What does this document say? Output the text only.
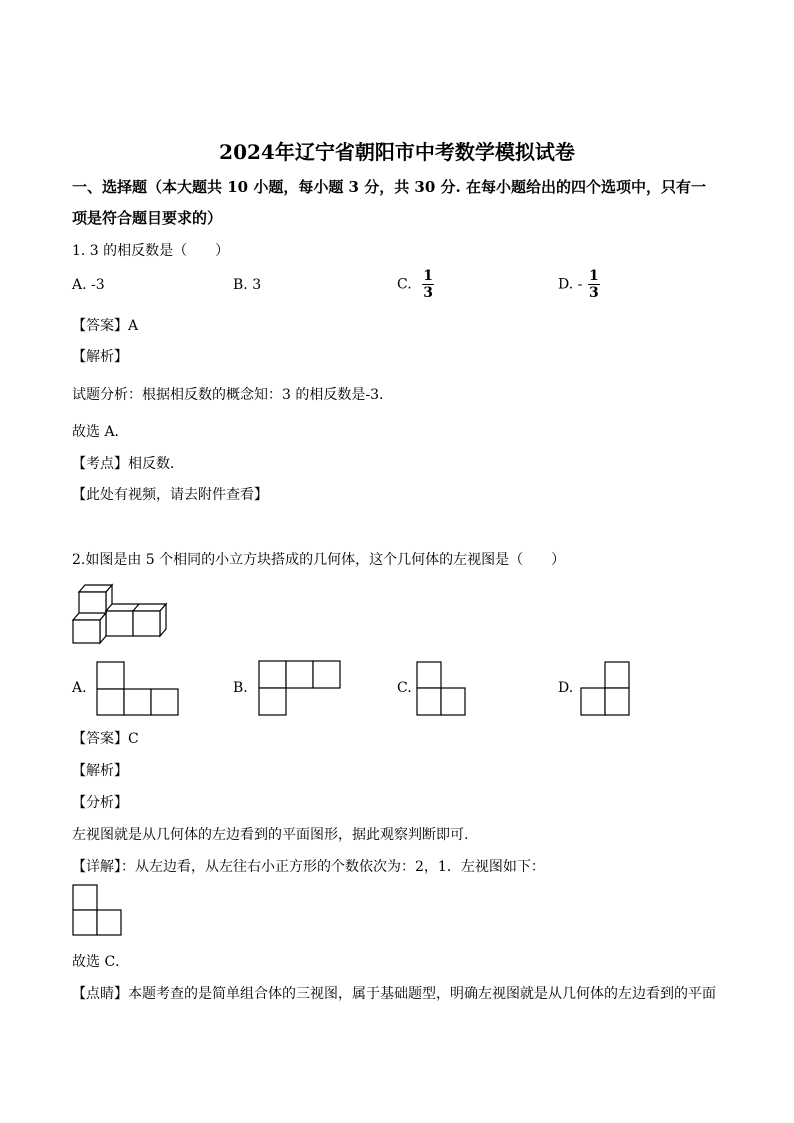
2024年辽宁省朝阳市中考数学模拟试卷
一、选择题（本大题共 10 小题，每小题 3 分，共 30 分. 在每小题给出的四个选项中，只有一
项是符合题目要求的）
1. 3 的相反数是（　　）
A. -3	B. 3	C. $\frac{1}{3}$	D. - $\frac{1}{3}$
【答案】A
【解析】
试题分析：根据相反数的概念知：3 的相反数是-3．
故选 A．
【考点】相反数．
【此处有视频，请去附件查看】
2.如图是由 5 个相同的小立方块搭成的几何体，这个几何体的左视图是（　　）
A.	B.	C.	D.
【答案】C
【解析】
【分析】
左视图就是从几何体的左边看到的平面图形，据此观察判断即可.
【详解】：从左边看，从左往右小正方形的个数依次为：2，1．左视图如下：
故选 C．
【点睛】本题考查的是简单组合体的三视图，属于基础题型，明确左视图就是从几何体的左边看到的平面
